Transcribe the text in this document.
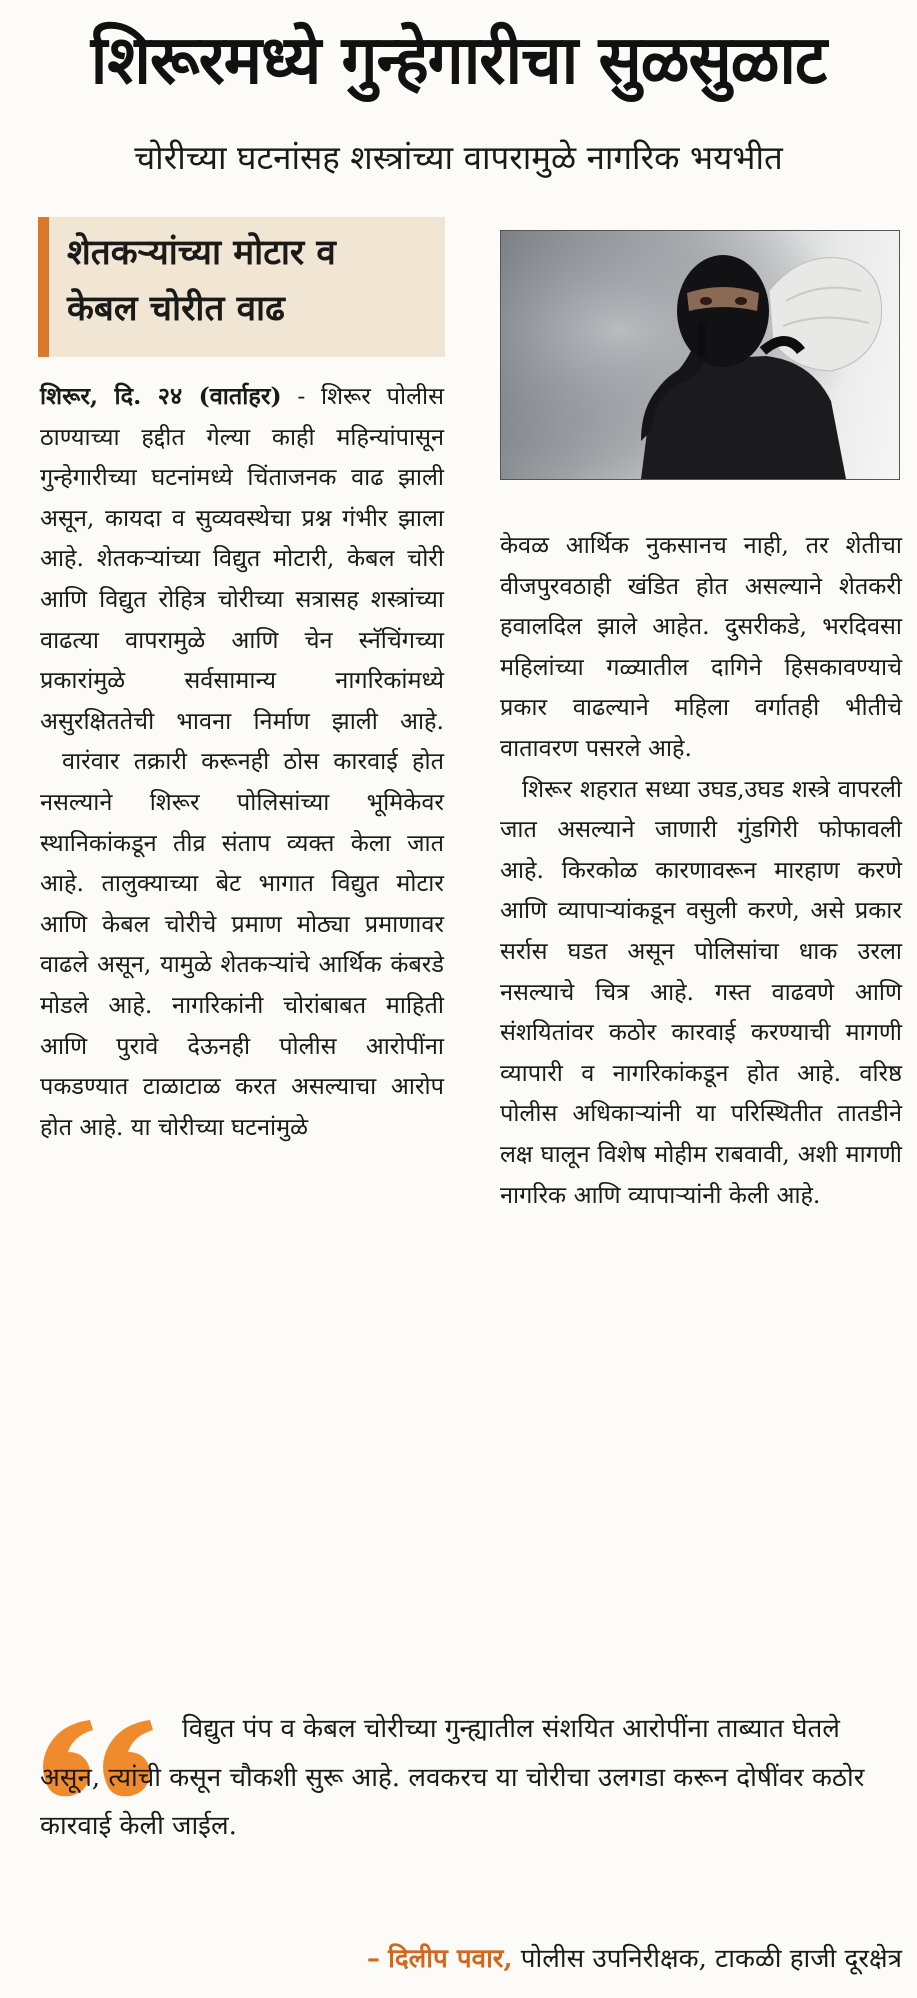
शिरूरमध्ये गुन्हेगारीचा सुळसुळाट
चोरीच्या घटनांसह शस्त्रांच्या वापरामुळे नागरिक भयभीत
शेतकऱ्यांच्या मोटार व
केबल चोरीत वाढ

शिरूर, दि. २४ (वार्ताहर) - शिरूर पोलीस ठाण्याच्या हद्दीत गेल्या काही महिन्यांपासून गुन्हेगारीच्या घटनांमध्ये चिंताजनक वाढ झाली असून, कायदा व सुव्यवस्थेचा प्रश्न गंभीर झाला आहे. शेतकऱ्यांच्या विद्युत मोटारी, केबल चोरी आणि विद्युत रोहित्र चोरीच्या सत्रासह शस्त्रांच्या वाढत्या वापरामुळे आणि चेन स्नॅचिंगच्या प्रकारांमुळे सर्वसामान्य नागरिकांमध्ये असुरक्षिततेची भावना निर्माण झाली आहे.

वारंवार तक्रारी करूनही ठोस कारवाई होत नसल्याने शिरूर पोलिसांच्या भूमिकेवर स्थानिकांकडून तीव्र संताप व्यक्त केला जात आहे. तालुक्याच्या बेट भागात विद्युत मोटार आणि केबल चोरीचे प्रमाण मोठ्या प्रमाणावर वाढले असून, यामुळे शेतकऱ्यांचे आर्थिक कंबरडे मोडले आहे. नागरिकांनी चोरांबाबत माहिती आणि पुरावे देऊनही पोलीस आरोपींना पकडण्यात टाळाटाळ करत असल्याचा आरोप होत आहे. या चोरीच्या घटनांमुळे

केवळ आर्थिक नुकसानच नाही, तर शेतीचा वीजपुरवठाही खंडित होत असल्याने शेतकरी हवालदिल झाले आहेत. दुसरीकडे, भरदिवसा महिलांच्या गळ्यातील दागिने हिसकावण्याचे प्रकार वाढल्याने महिला वर्गातही भीतीचे वातावरण पसरले आहे.

शिरूर शहरात सध्या उघड,उघड शस्त्रे वापरली जात असल्याने जाणारी गुंडगिरी फोफावली आहे. किरकोळ कारणावरून मारहाण करणे आणि व्यापाऱ्यांकडून वसुली करणे, असे प्रकार सर्रास घडत असून पोलिसांचा धाक उरला नसल्याचे चित्र आहे. गस्त वाढवणे आणि संशयितांवर कठोर कारवाई करण्याची मागणी व्यापारी व नागरिकांकडून होत आहे. वरिष्ठ पोलीस अधिकाऱ्यांनी या परिस्थितीत तातडीने लक्ष घालून विशेष मोहीम राबवावी, अशी मागणी नागरिक आणि व्यापाऱ्यांनी केली आहे.

विद्युत पंप व केबल चोरीच्या गुन्ह्यातील संशयित आरोपींना ताब्यात घेतले असून, त्यांची कसून चौकशी सुरू आहे. लवकरच या चोरीचा उलगडा करून दोषींवर कठोर कारवाई केली जाईल.
– दिलीप पवार, पोलीस उपनिरीक्षक, टाकळी हाजी दूरक्षेत्र
